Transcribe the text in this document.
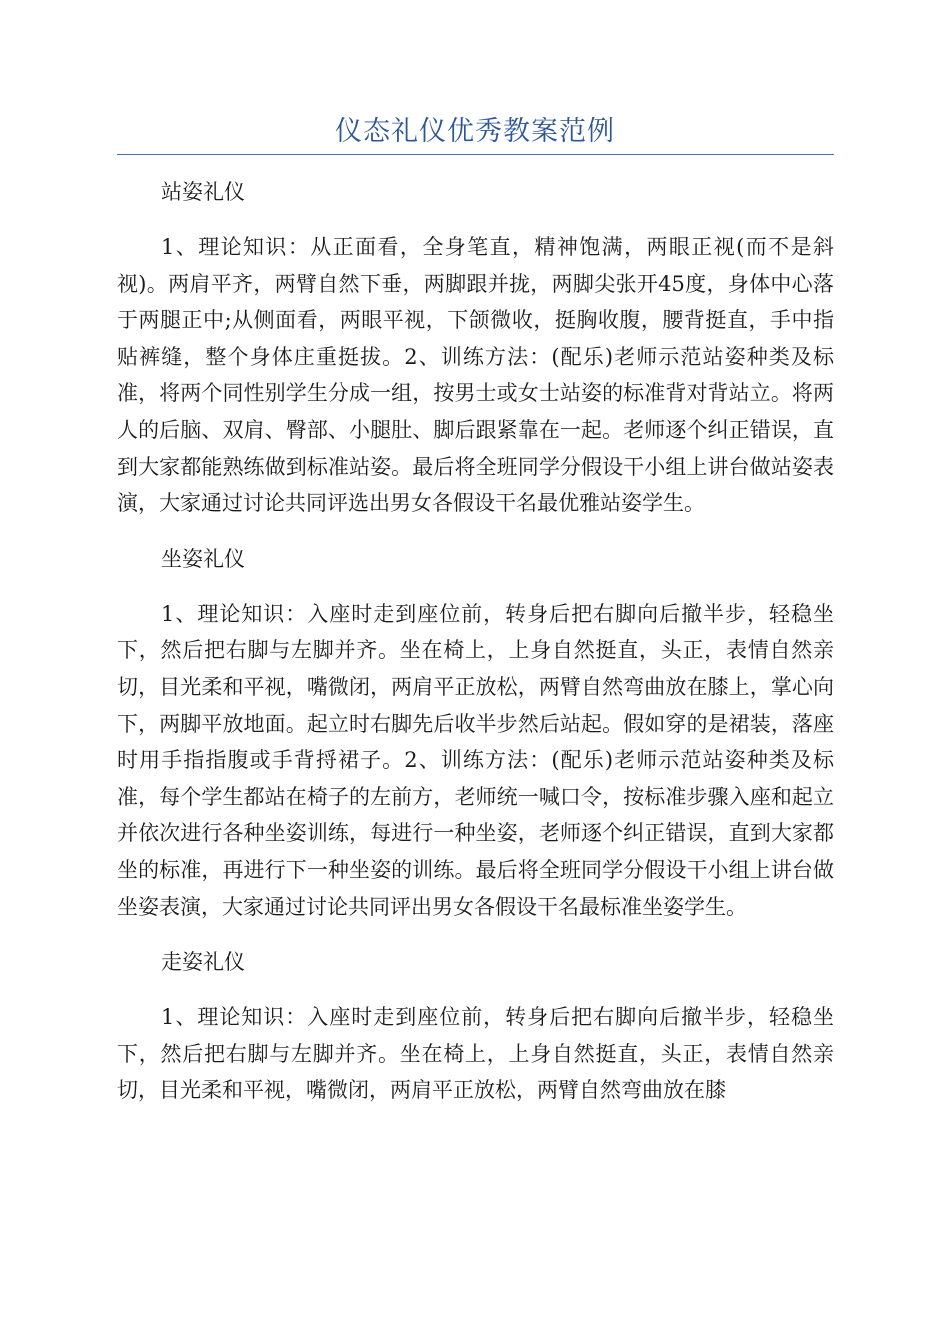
仪态礼仪优秀教案范例

站姿礼仪

1、理论知识：从正面看，全身笔直，精神饱满，两眼正视(而不是斜视)。两肩平齐，两臂自然下垂，两脚跟并拢，两脚尖张开45度，身体中心落于两腿正中;从侧面看，两眼平视，下颌微收，挺胸收腹，腰背挺直，手中指贴裤缝，整个身体庄重挺拔。2、训练方法：(配乐)老师示范站姿种类及标准，将两个同性别学生分成一组，按男士或女士站姿的标准背对背站立。将两人的后脑、双肩、臀部、小腿肚、脚后跟紧靠在一起。老师逐个纠正错误，直到大家都能熟练做到标准站姿。最后将全班同学分假设干小组上讲台做站姿表演，大家通过讨论共同评选出男女各假设干名最优雅站姿学生。

坐姿礼仪

1、理论知识：入座时走到座位前，转身后把右脚向后撤半步，轻稳坐下，然后把右脚与左脚并齐。坐在椅上，上身自然挺直，头正，表情自然亲切，目光柔和平视，嘴微闭，两肩平正放松，两臂自然弯曲放在膝上，掌心向下，两脚平放地面。起立时右脚先后收半步然后站起。假如穿的是裙装，落座时用手指指腹或手背捋裙子。2、训练方法：(配乐)老师示范站姿种类及标准，每个学生都站在椅子的左前方，老师统一喊口令，按标准步骤入座和起立并依次进行各种坐姿训练，每进行一种坐姿，老师逐个纠正错误，直到大家都坐的标准，再进行下一种坐姿的训练。最后将全班同学分假设干小组上讲台做坐姿表演，大家通过讨论共同评出男女各假设干名最标准坐姿学生。

走姿礼仪

1、理论知识：入座时走到座位前，转身后把右脚向后撤半步，轻稳坐下，然后把右脚与左脚并齐。坐在椅上，上身自然挺直，头正，表情自然亲切，目光柔和平视，嘴微闭，两肩平正放松，两臂自然弯曲放在膝
